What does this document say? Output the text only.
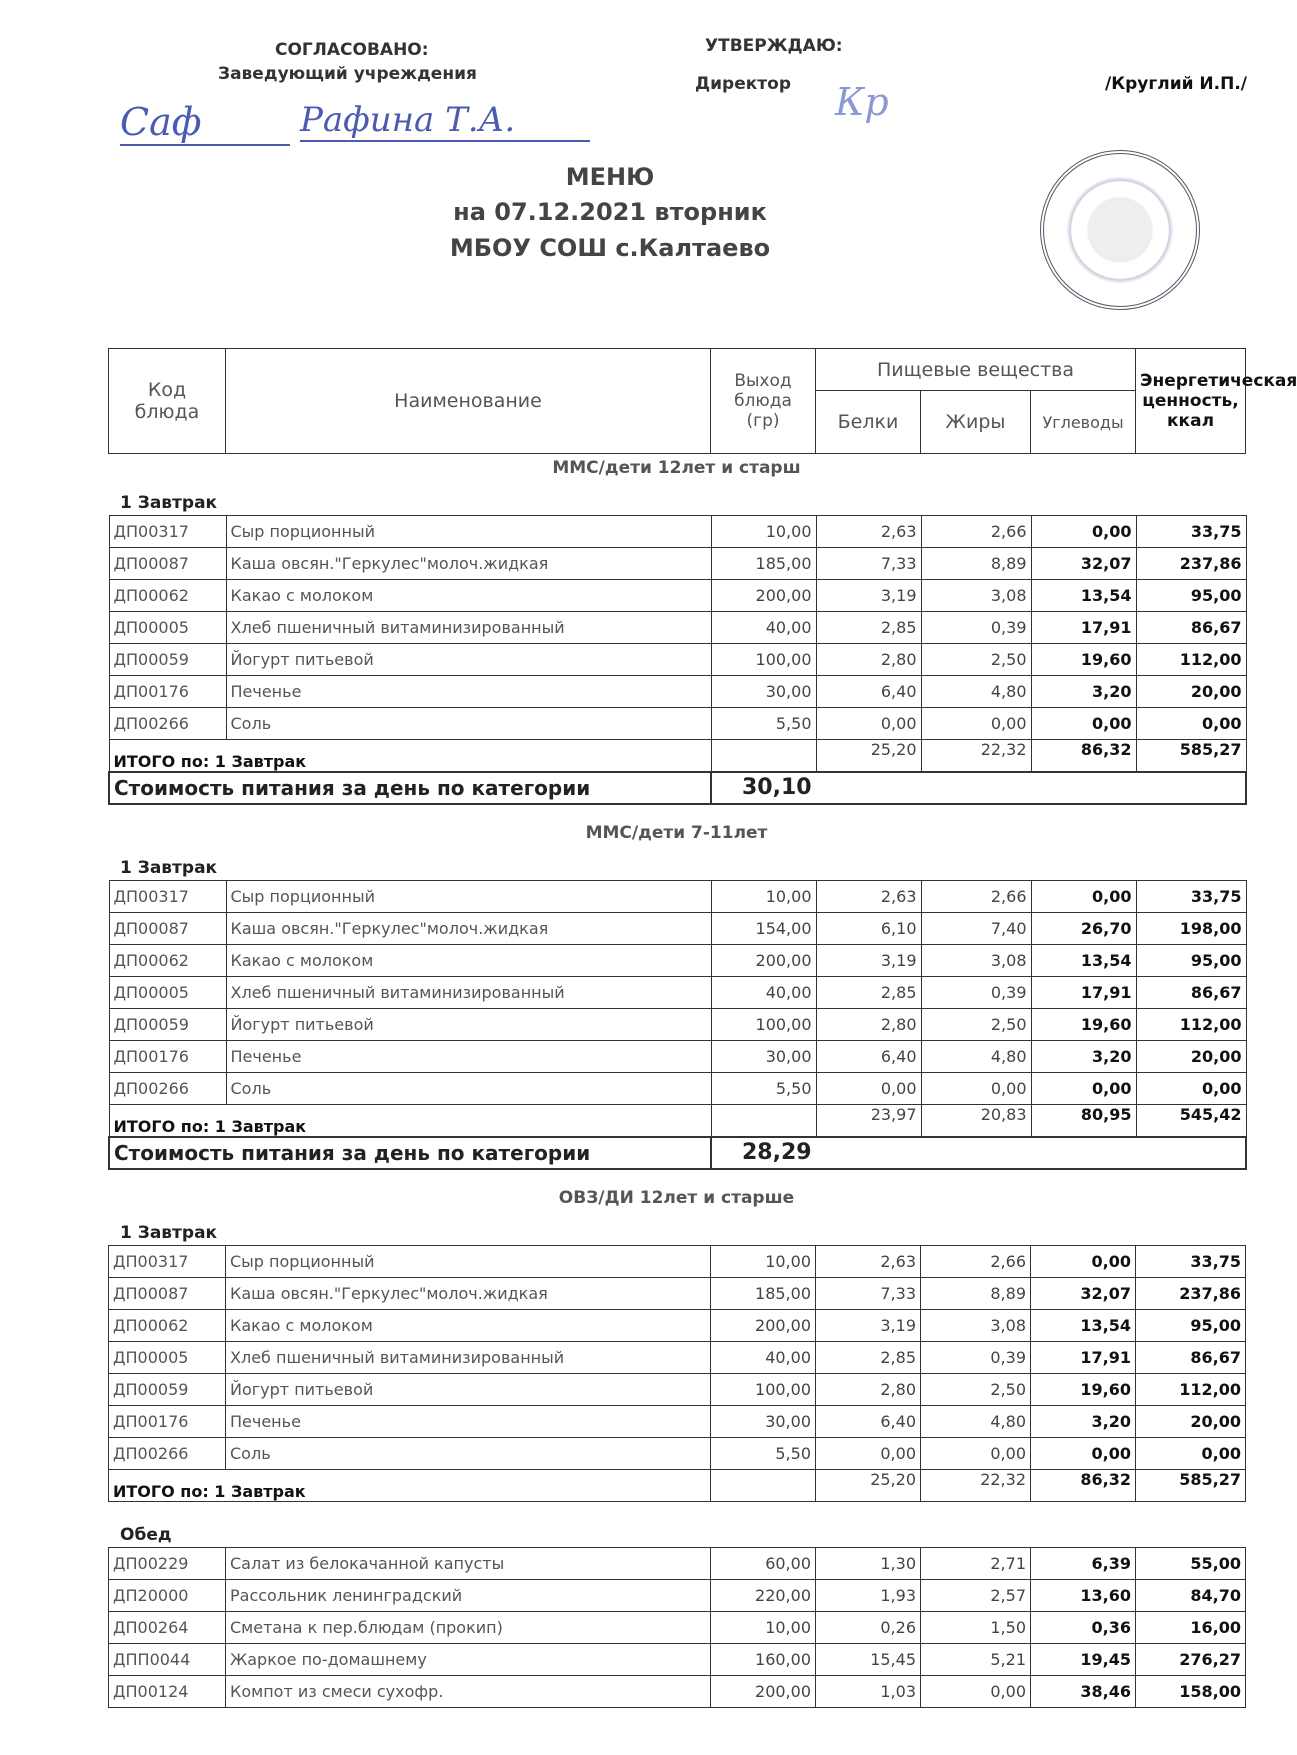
СОГЛАСОВАНО:
Заведующий учреждения
Саф	Рафина Т.А.
УТВЕРЖДАЮ:
Директор Кр	/Круглий И.П./
МЕНЮ
на 07.12.2021 вторник
МБОУ СОШ с.Калтаево
Код блюда	Наименование	Выход блюда (гр)	Пищевые вещества			Энергетическая ценность, ккал
			Белки	Жиры	Углеводы	
ММС/дети 12лет и старш
1 Завтрак
ДП00317	Сыр порционный	10,00	2,63	2,66	0,00	33,75
ДП00087	Каша овсян."Геркулес"молоч.жидкая	185,00	7,33	8,89	32,07	237,86
ДП00062	Какао с молоком	200,00	3,19	3,08	13,54	95,00
ДП00005	Хлеб пшеничный витаминизированный	40,00	2,85	0,39	17,91	86,67
ДП00059	Йогурт питьевой	100,00	2,80	2,50	19,60	112,00
ДП00176	Печенье	30,00	6,40	4,80	3,20	20,00
ДП00266	Соль	5,50	0,00	0,00	0,00	0,00
ИТОГО по: 1 Завтрак			25,20	22,32	86,32	585,27
Стоимость питания за день по категории		30,10				
ММС/дети 7-11лет
1 Завтрак
ДП00317	Сыр порционный	10,00	2,63	2,66	0,00	33,75
ДП00087	Каша овсян."Геркулес"молоч.жидкая	154,00	6,10	7,40	26,70	198,00
ДП00062	Какао с молоком	200,00	3,19	3,08	13,54	95,00
ДП00005	Хлеб пшеничный витаминизированный	40,00	2,85	0,39	17,91	86,67
ДП00059	Йогурт питьевой	100,00	2,80	2,50	19,60	112,00
ДП00176	Печенье	30,00	6,40	4,80	3,20	20,00
ДП00266	Соль	5,50	0,00	0,00	0,00	0,00
ИТОГО по: 1 Завтрак			23,97	20,83	80,95	545,42
Стоимость питания за день по категории		28,29				
ОВЗ/ДИ 12лет и старше
1 Завтрак
ДП00317	Сыр порционный	10,00	2,63	2,66	0,00	33,75
ДП00087	Каша овсян."Геркулес"молоч.жидкая	185,00	7,33	8,89	32,07	237,86
ДП00062	Какао с молоком	200,00	3,19	3,08	13,54	95,00
ДП00005	Хлеб пшеничный витаминизированный	40,00	2,85	0,39	17,91	86,67
ДП00059	Йогурт питьевой	100,00	2,80	2,50	19,60	112,00
ДП00176	Печенье	30,00	6,40	4,80	3,20	20,00
ДП00266	Соль	5,50	0,00	0,00	0,00	0,00
ИТОГО по: 1 Завтрак			25,20	22,32	86,32	585,27
Обед
ДП00229	Салат из белокачанной капусты	60,00	1,30	2,71	6,39	55,00
ДП20000	Рассольник ленинградский	220,00	1,93	2,57	13,60	84,70
ДП00264	Сметана к пер.блюдам (прокип)	10,00	0,26	1,50	0,36	16,00
ДПП0044	Жаркое по-домашнему	160,00	15,45	5,21	19,45	276,27
ДП00124	Компот из смеси сухофр.	200,00	1,03	0,00	38,46	158,00
